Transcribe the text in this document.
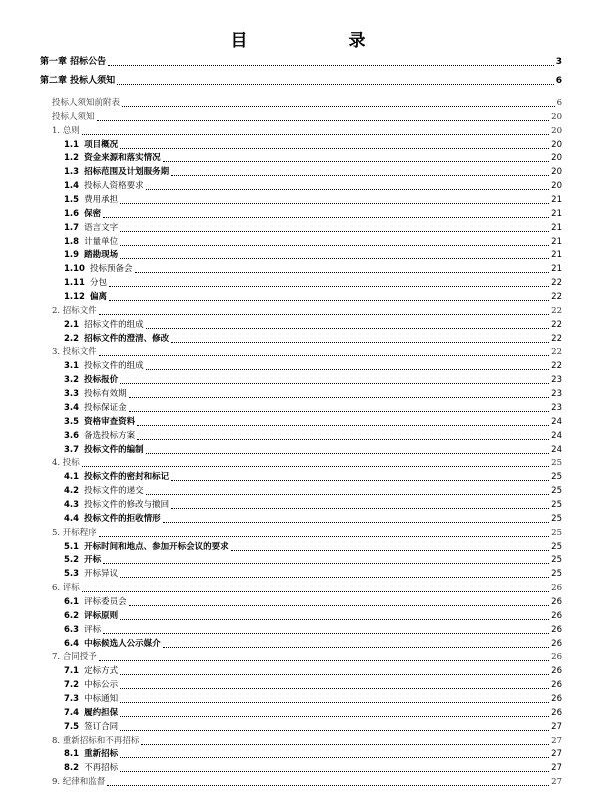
目　录
第一章 招标公告	3
第二章 投标人须知	6
投标人须知前附表	6
投标人须知	20
1. 总则	20
1.1 项目概况	20
1.2 资金来源和落实情况	20
1.3 招标范围及计划服务期	20
1.4 投标人资格要求	20
1.5 费用承担	21
1.6 保密	21
1.7 语言文字	21
1.8 计量单位	21
1.9 踏勘现场	21
1.10 投标预备会	21
1.11 分包	22
1.12 偏离	22
2. 招标文件	22
2.1 招标文件的组成	22
2.2 招标文件的澄清、修改	22
3. 投标文件	22
3.1 投标文件的组成	22
3.2 投标报价	23
3.3 投标有效期	23
3.4 投标保证金	23
3.5 资格审查资料	24
3.6 备选投标方案	24
3.7 投标文件的编制	24
4. 投标	25
4.1 投标文件的密封和标记	25
4.2 投标文件的递交	25
4.3 投标文件的修改与撤回	25
4.4 投标文件的拒收情形	25
5. 开标程序	25
5.1 开标时间和地点、参加开标会议的要求	25
5.2 开标	25
5.3 开标异议	25
6. 评标	26
6.1 评标委员会	26
6.2 评标原则	26
6.3 评标	26
6.4 中标候选人公示媒介	26
7. 合同授予	26
7.1 定标方式	26
7.2 中标公示	26
7.3 中标通知	26
7.4 履约担保	26
7.5 签订合同	27
8. 重新招标和不再招标	27
8.1 重新招标	27
8.2 不再招标	27
9. 纪律和监督	27
